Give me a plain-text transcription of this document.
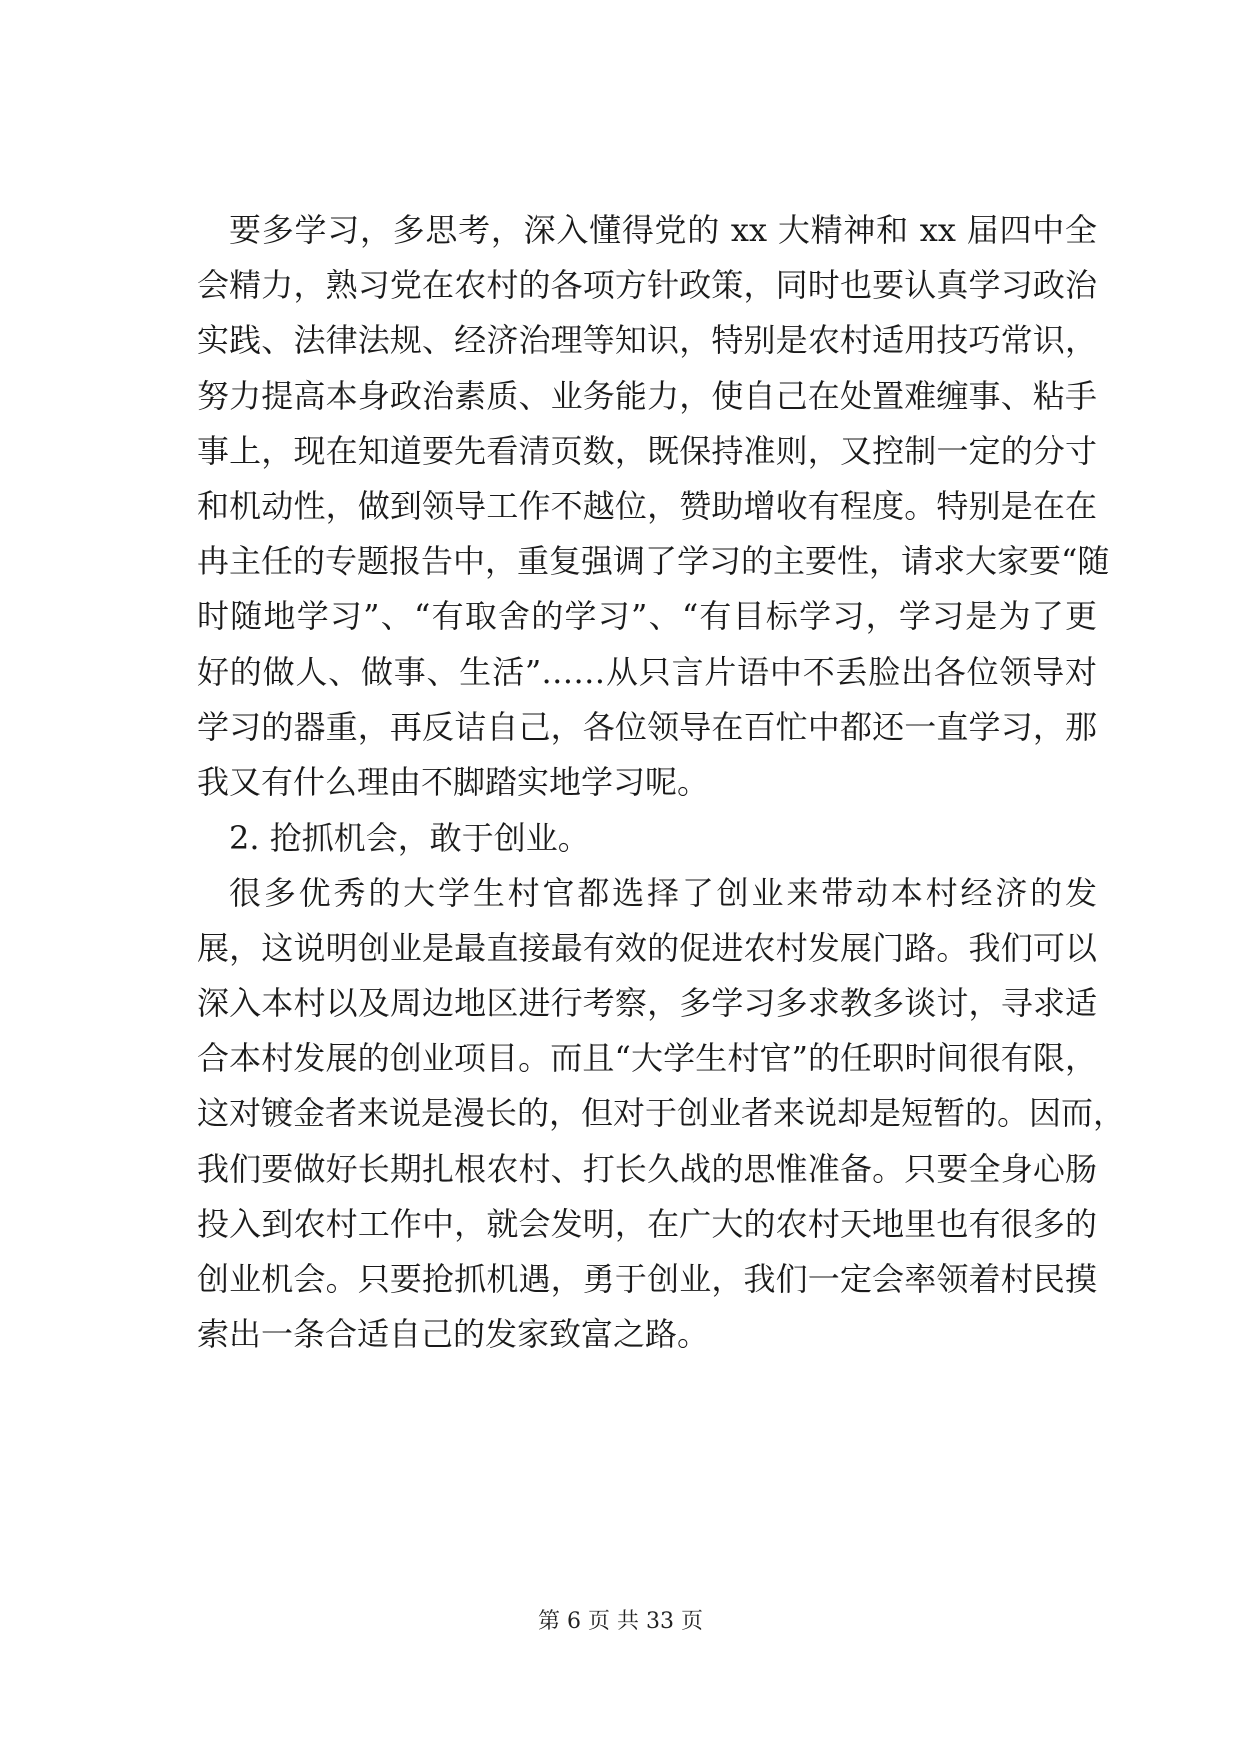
要多学习，多思考，深入懂得党的 xx 大精神和 xx 届四中全
会精力，熟习党在农村的各项方针政策，同时也要认真学习政治
实践、法律法规、经济治理等知识，特别是农村适用技巧常识，
努力提高本身政治素质、业务能力，使自己在处置难缠事、粘手
事上，现在知道要先看清页数，既保持准则，又控制一定的分寸
和机动性，做到领导工作不越位，赞助增收有程度。特别是在在
冉主任的专题报告中，重复强调了学习的主要性，请求大家要“随
时随地学习”、“有取舍的学习”、“有目标学习，学习是为了更
好的做人、做事、生活”……从只言片语中不丢脸出各位领导对
学习的器重，再反诘自己，各位领导在百忙中都还一直学习，那
我又有什么理由不脚踏实地学习呢。
2. 抢抓机会，敢于创业。
很多优秀的大学生村官都选择了创业来带动本村经济的发
展，这说明创业是最直接最有效的促进农村发展门路。我们可以
深入本村以及周边地区进行考察，多学习多求教多谈讨，寻求适
合本村发展的创业项目。而且“大学生村官”的任职时间很有限，
这对镀金者来说是漫长的，但对于创业者来说却是短暂的。因而，
我们要做好长期扎根农村、打长久战的思惟准备。只要全身心肠
投入到农村工作中，就会发明，在广大的农村天地里也有很多的
创业机会。只要抢抓机遇，勇于创业，我们一定会率领着村民摸
索出一条合适自己的发家致富之路。
第 6 页 共 33 页
